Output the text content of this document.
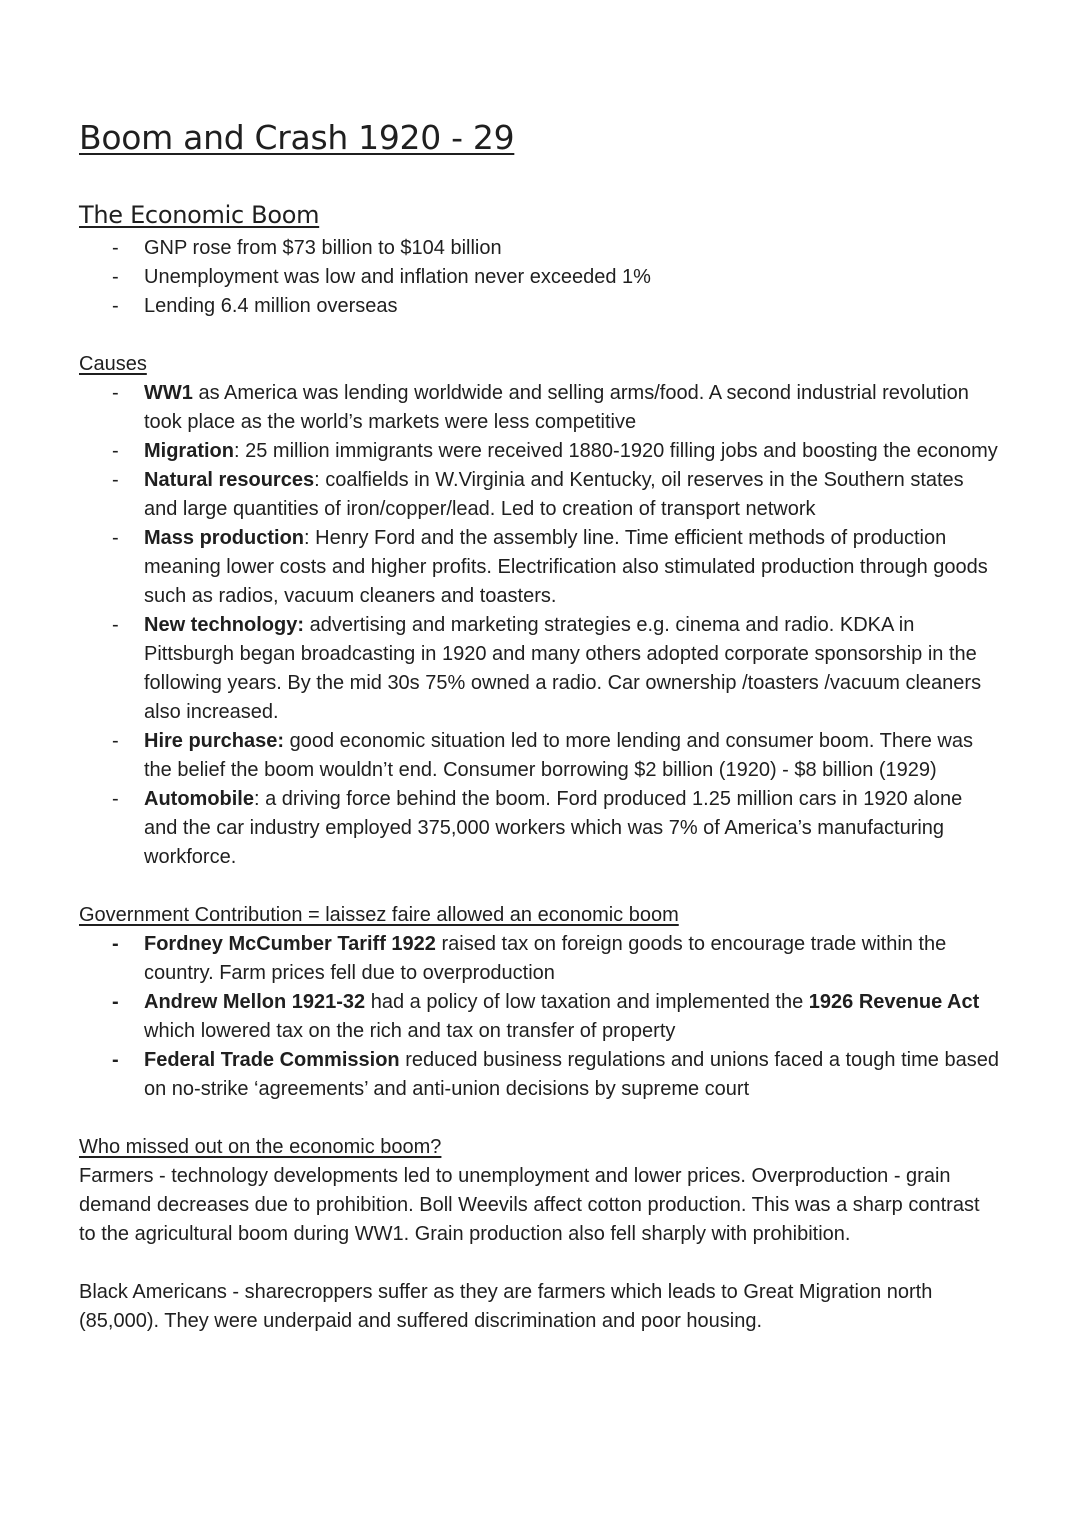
Boom and Crash 1920 - 29
The Economic Boom
- GNP rose from $73 billion to $104 billion
- Unemployment was low and inflation never exceeded 1%
- Lending 6.4 million overseas

Causes

- WW1 as America was lending worldwide and selling arms/food. A second industrial revolution took place as the world’s markets were less competitive
- Migration: 25 million immigrants were received 1880-1920 filling jobs and boosting the economy
- Natural resources: coalfields in W.Virginia and Kentucky, oil reserves in the Southern states and large quantities of iron/copper/lead. Led to creation of transport network
- Mass production: Henry Ford and the assembly line. Time efficient methods of production meaning lower costs and higher profits. Electrification also stimulated production through goods such as radios, vacuum cleaners and toasters.
- New technology: advertising and marketing strategies e.g. cinema and radio. KDKA in Pittsburgh began broadcasting in 1920 and many others adopted corporate sponsorship in the following years. By the mid 30s 75% owned a radio. Car ownership /toasters /vacuum cleaners also increased.
- Hire purchase: good economic situation led to more lending and consumer boom. There was the belief the boom wouldn’t end. Consumer borrowing $2 billion (1920) - $8 billion (1929)
- Automobile: a driving force behind the boom. Ford produced 1.25 million cars in 1920 alone and the car industry employed 375,000 workers which was 7% of America’s manufacturing workforce.

Government Contribution = laissez faire allowed an economic boom

- Fordney McCumber Tariff 1922 raised tax on foreign goods to encourage trade within the country. Farm prices fell due to overproduction
- Andrew Mellon 1921-32 had a policy of low taxation and implemented the 1926 Revenue Act which lowered tax on the rich and tax on transfer of property
- Federal Trade Commission reduced business regulations and unions faced a tough time based on no-strike ‘agreements’ and anti-union decisions by supreme court

Who missed out on the economic boom?

Farmers - technology developments led to unemployment and lower prices. Overproduction - grain demand decreases due to prohibition. Boll Weevils affect cotton production. This was a sharp contrast to the agricultural boom during WW1. Grain production also fell sharply with prohibition.

Black Americans - sharecroppers suffer as they are farmers which leads to Great Migration north (85,000). They were underpaid and suffered discrimination and poor housing.
